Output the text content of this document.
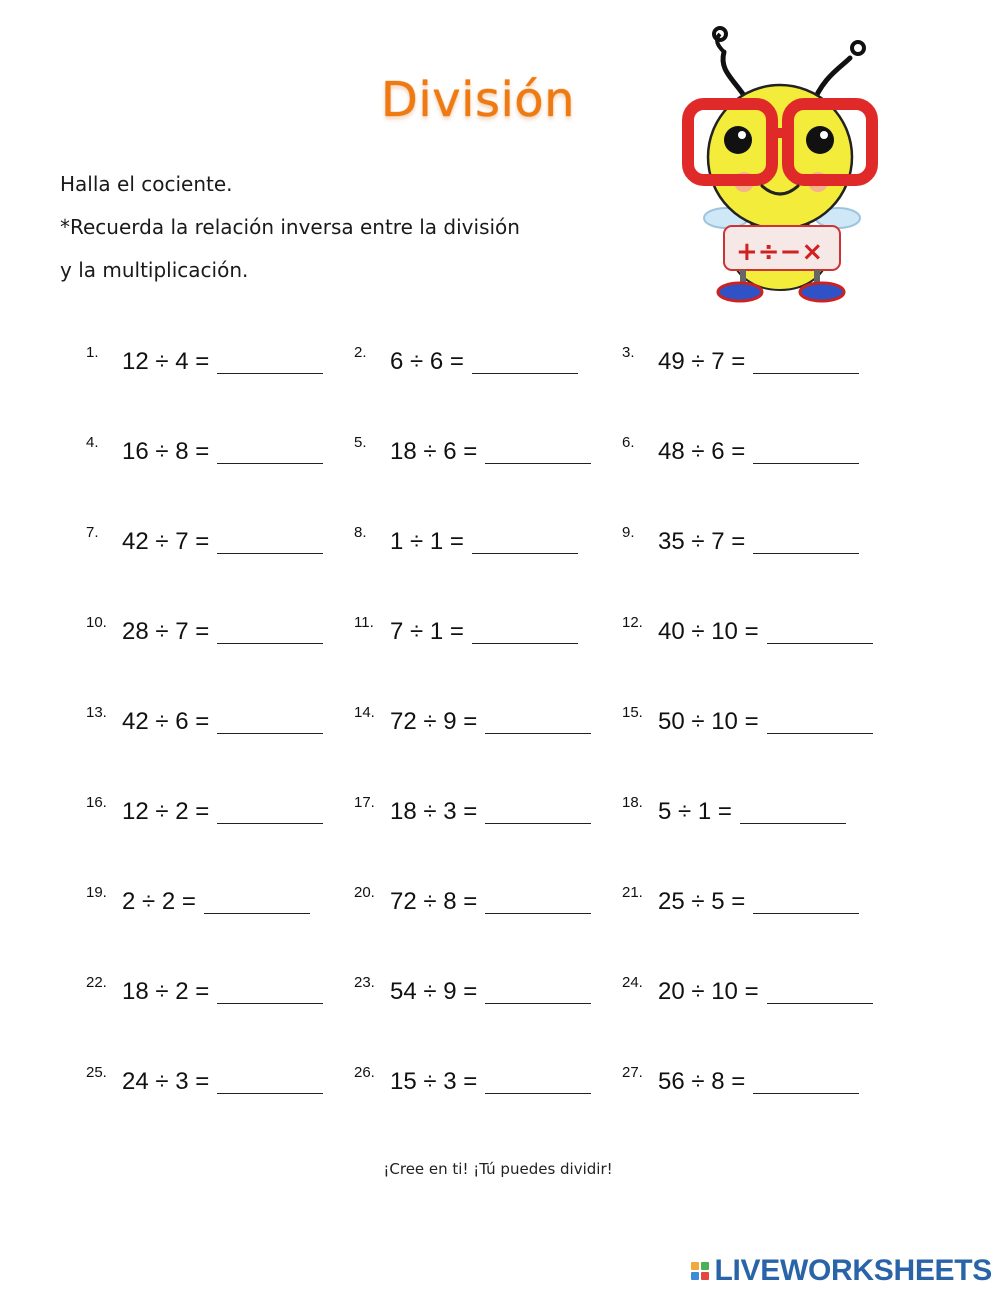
División
Halla el cociente.
*Recuerda la relación inversa entre la división
y la multiplicación.
+÷−×
1. 12 ÷ 4 =	2. 6 ÷ 6 =	3. 49 ÷ 7 =
4. 16 ÷ 8 =	5. 18 ÷ 6 =	6. 48 ÷ 6 =
7. 42 ÷ 7 =	8. 1 ÷ 1 =	9. 35 ÷ 7 =
10. 28 ÷ 7 =	11. 7 ÷ 1 =	12. 40 ÷ 10 =
13. 42 ÷ 6 =	14. 72 ÷ 9 =	15. 50 ÷ 10 =
16. 12 ÷ 2 =	17. 18 ÷ 3 =	18. 5 ÷ 1 =
19. 2 ÷ 2 =	20. 72 ÷ 8 =	21. 25 ÷ 5 =
22. 18 ÷ 2 =	23. 54 ÷ 9 =	24. 20 ÷ 10 =
25. 24 ÷ 3 =	26. 15 ÷ 3 =	27. 56 ÷ 8 =
¡Cree en ti! ¡Tú puedes dividir!
LIVEWORKSHEETS
